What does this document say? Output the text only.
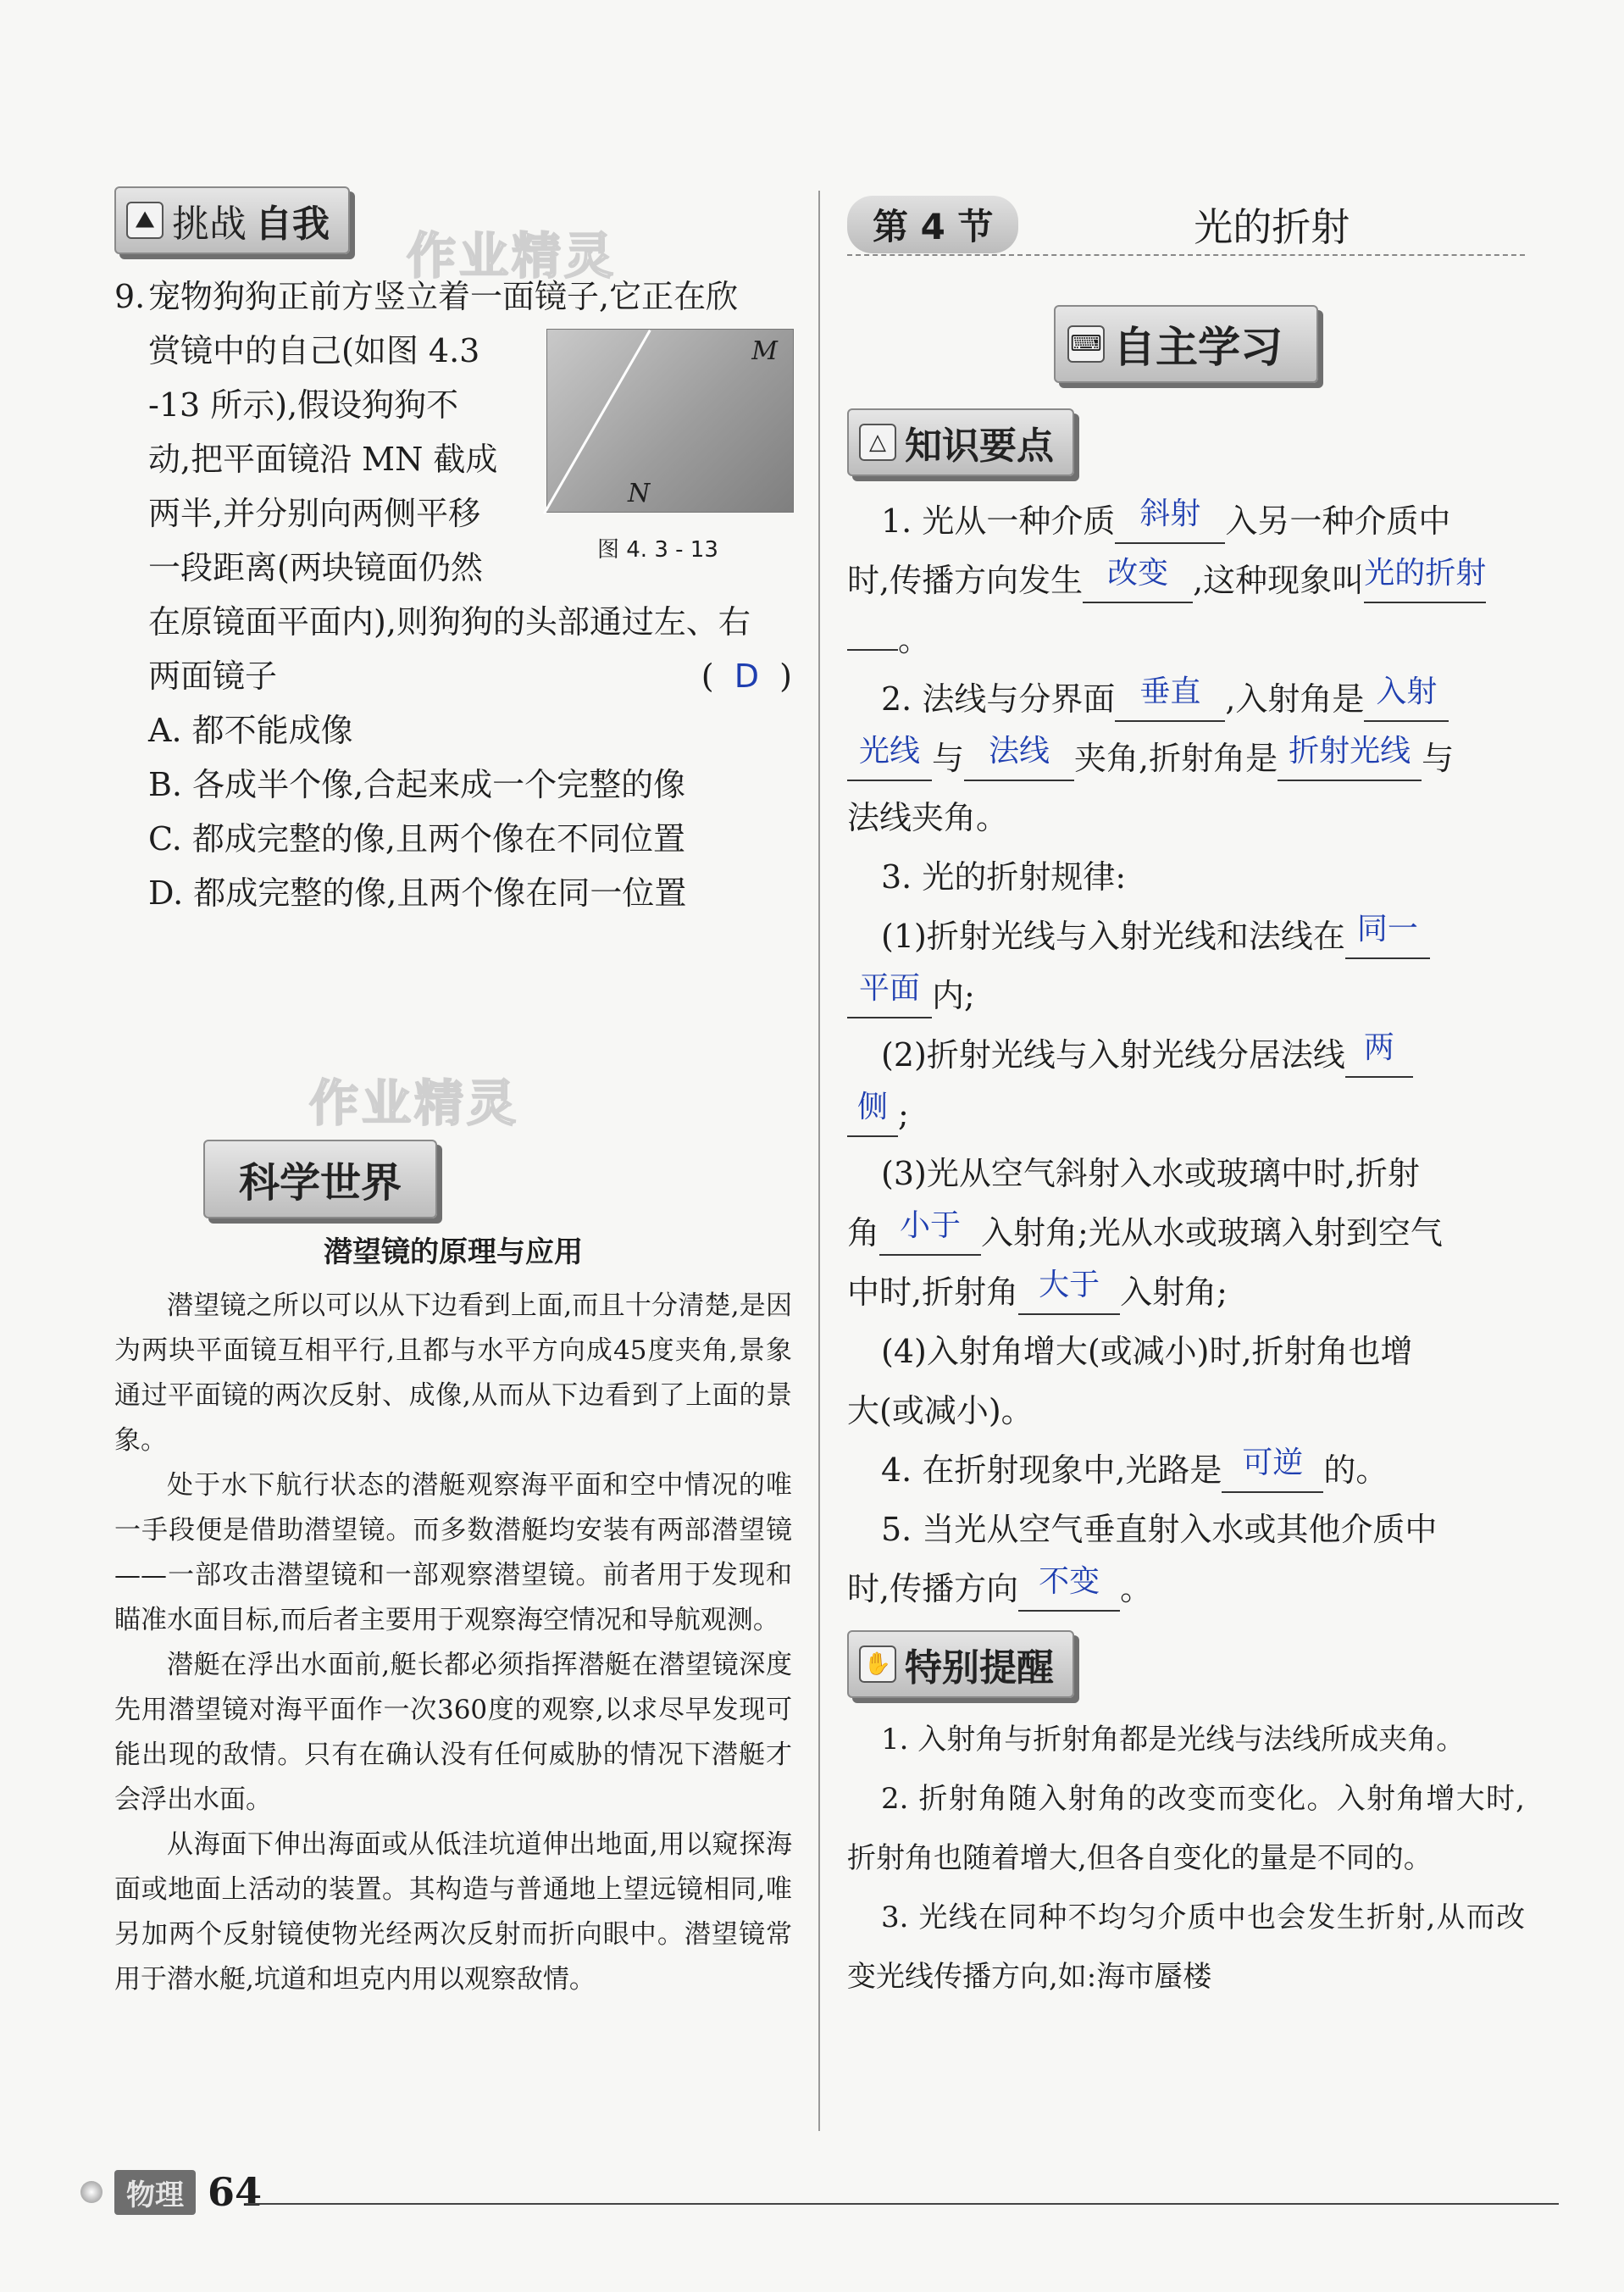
⛰ 挑战 自我
9. 宠物狗狗正前方竖立着一面镜子,它正在欣

赏镜中的自己(如图 4.3

-13 所示),假设狗狗不

动,把平面镜沿 MN 截成

两半,并分别向两侧平移

一段距离(两块镜面仍然

M
N
图 4. 3 - 13

在原镜面平面内),则狗狗的头部通过左、右

两面镜子	( D )

A. 都不能成像

B. 各成半个像,合起来成一个完整的像

C. 都成完整的像,且两个像在不同位置

D. 都成完整的像,且两个像在同一位置

作业精灵
作业精灵
科学世界
潜望镜的原理与应用

潜望镜之所以可以从下边看到上面,而且十分清楚,是因为两块平面镜互相平行,且都与水平方向成45度夹角,景象通过平面镜的两次反射、成像,从而从下边看到了上面的景象。

处于水下航行状态的潜艇观察海平面和空中情况的唯一手段便是借助潜望镜。而多数潜艇均安装有两部潜望镜——一部攻击潜望镜和一部观察潜望镜。前者用于发现和瞄准水面目标,而后者主要用于观察海空情况和导航观测。

潜艇在浮出水面前,艇长都必须指挥潜艇在潜望镜深度先用潜望镜对海平面作一次360度的观察,以求尽早发现可能出现的敌情。只有在确认没有任何威胁的情况下潜艇才会浮出水面。

从海面下伸出海面或从低洼坑道伸出地面,用以窥探海面或地面上活动的装置。其构造与普通地上望远镜相同,唯另加两个反射镜使物光经两次反射而折向眼中。潜望镜常用于潜水艇,坑道和坦克内用以观察敌情。

第 4 节	光的折射
⌨ 自主学习
△ 知识要点

1. 光从一种介质 斜射 入另一种介质中

时,传播方向发生 改变 ,这种现象叫光的折射

。

2. 法线与分界面 垂直 ,入射角是 入射

光线 与 法线 夹角,折射角是 折射光线 与

法线夹角。

3. 光的折射规律:

(1)折射光线与入射光线和法线在 同一

平面 内;

(2)折射光线与入射光线分居法线 两

侧 ;

(3)光从空气斜射入水或玻璃中时,折射

角 小于 入射角;光从水或玻璃入射到空气

中时,折射角 大于 入射角;

(4)入射角增大(或减小)时,折射角也增

大(或减小)。

4. 在折射现象中,光路是 可逆 的。

5. 当光从空气垂直射入水或其他介质中

时,传播方向 不变 。

✋ 特别提醒

1. 入射角与折射角都是光线与法线所成夹角。

2. 折射角随入射角的改变而变化。入射角增大时,折射角也随着增大,但各自变化的量是不同的。

3. 光线在同种不均匀介质中也会发生折射,从而改变光线传播方向,如:海市蜃楼

物理 64
